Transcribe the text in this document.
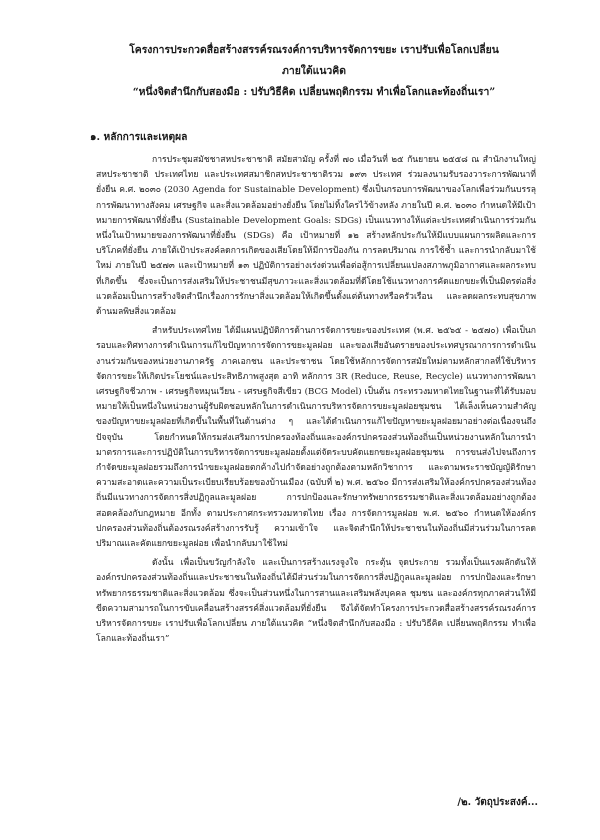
โครงการประกวดสื่อสร้างสรรค์รณรงค์การบริหารจัดการขยะ เราปรับเพื่อโลกเปลี่ยน
ภายใต้แนวคิด
“หนึ่งจิตสำนึกกับสองมือ : ปรับวิธีคิด เปลี่ยนพฤติกรรม ทำเพื่อโลกและท้องถิ่นเรา”
๑. หลักการและเหตุผล

การประชุมสมัชชาสหประชาชาติ สมัยสามัญ ครั้งที่ ๗๐ เมื่อวันที่ ๒๕ กันยายน ๒๕๕๘ ณ สำนักงานใหญ่สหประชาชาติ ประเทศไทย และประเทศสมาชิกสหประชาชาติรวม ๑๙๓ ประเทศ ร่วมลงนามรับรองวาระการพัฒนาที่ยั่งยืน ค.ศ. ๒๐๓๐ (2030 Agenda for Sustainable Development) ซึ่งเป็นกรอบการพัฒนาของโลกเพื่อร่วมกันบรรลุการพัฒนาทางสังคม เศรษฐกิจ และสิ่งแวดล้อมอย่างยั่งยืน โดยไม่ทิ้งใครไว้ข้างหลัง ภายในปี ค.ศ. ๒๐๓๐ กำหนดให้มีเป้าหมายการพัฒนาที่ยั่งยืน (Sustainable Development Goals: SDGs) เป็นแนวทางให้แต่ละประเทศดำเนินการร่วมกัน หนึ่งในเป้าหมายของการพัฒนาที่ยั่งยืน (SDGs) คือ เป้าหมายที่ ๑๒ สร้างหลักประกันให้มีแบบแผนการผลิตและการบริโภคที่ยั่งยืน ภายใต้เป้าประสงค์ลดการเกิดของเสียโดยให้มีการป้องกัน การลดปริมาณ การใช้ซ้ำ และการนำกลับมาใช้ใหม่ ภายในปี ๒๕๗๓ และเป้าหมายที่ ๑๓ ปฏิบัติการอย่างเร่งด่วนเพื่อต่อสู้การเปลี่ยนแปลงสภาพภูมิอากาศและผลกระทบที่เกิดขึ้น ซึ่งจะเป็นการส่งเสริมให้ประชาชนมีสุขภาวะและสิ่งแวดล้อมที่ดีโดยใช้แนวทางการคัดแยกขยะที่เป็นมิตรต่อสิ่งแวดล้อมเป็นการสร้างจิตสำนึกเรื่องการรักษาสิ่งแวดล้อมให้เกิดขึ้นตั้งแต่ต้นทางหรือครัวเรือน และลดผลกระทบสุขภาพด้านมลพิษสิ่งแวดล้อม

สำหรับประเทศไทย ได้มีแผนปฏิบัติการด้านการจัดการขยะของประเทศ (พ.ศ. ๒๕๖๕ - ๒๕๗๐) เพื่อเป็นกรอบและทิศทางการดำเนินการแก้ไขปัญหาการจัดการขยะมูลฝอย และของเสียอันตรายของประเทศบูรณาการการดำเนินงานร่วมกันของหน่วยงานภาครัฐ ภาคเอกชน และประชาชน โดยใช้หลักการจัดการสมัยใหม่ตามหลักสากลที่ใช้บริหารจัดการขยะให้เกิดประโยชน์และประสิทธิภาพสูงสุด อาทิ หลักการ 3R (Reduce, Reuse, Recycle) แนวทางการพัฒนาเศรษฐกิจชีวภาพ - เศรษฐกิจหมุนเวียน - เศรษฐกิจสีเขียว (BCG Model) เป็นต้น กระทรวงมหาดไทยในฐานะที่ได้รับมอบหมายให้เป็นหนึ่งในหน่วยงานผู้รับผิดชอบหลักในการดำเนินการบริหารจัดการขยะมูลฝอยชุมชน ได้เล็งเห็นความสำคัญของปัญหาขยะมูลฝอยที่เกิดขึ้นในพื้นที่ในด้านต่าง ๆ และได้ดำเนินการแก้ไขปัญหาขยะมูลฝอยมาอย่างต่อเนื่องจนถึงปัจจุบัน โดยกำหนดให้กรมส่งเสริมการปกครองท้องถิ่นและองค์กรปกครองส่วนท้องถิ่นเป็นหน่วยงานหลักในการนำมาตรการและการปฏิบัติในการบริหารจัดการขยะมูลฝอยตั้งแต่จัดระบบคัดแยกขยะมูลฝอยชุมชน การขนส่งไปจนถึงการกำจัดขยะมูลฝอยรวมถึงการนำขยะมูลฝอยตกค้างไปกำจัดอย่างถูกต้องตามหลักวิชาการ และตามพระราชบัญญัติรักษาความสะอาดและความเป็นระเบียบเรียบร้อยของบ้านเมือง (ฉบับที่ ๒) พ.ศ. ๒๕๖๐ มีการส่งเสริมให้องค์กรปกครองส่วนท้องถิ่นมีแนวทางการจัดการสิ่งปฏิกูลและมูลฝอย การปกป้องและรักษาทรัพยากรธรรมชาติและสิ่งแวดล้อมอย่างถูกต้องสอดคล้องกับกฎหมาย อีกทั้ง ตามประกาศกระทรวงมหาดไทย เรื่อง การจัดการมูลฝอย พ.ศ. ๒๕๖๐ กำหนดให้องค์กรปกครองส่วนท้องถิ่นต้องรณรงค์สร้างการรับรู้ ความเข้าใจ และจิตสำนึกให้ประชาชนในท้องถิ่นมีส่วนร่วมในการลดปริมาณและคัดแยกขยะมูลฝอย เพื่อนำกลับมาใช้ใหม่

ดังนั้น เพื่อเป็นขวัญกำลังใจ และเป็นการสร้างแรงจูงใจ กระตุ้น จุดประกาย รวมทั้งเป็นแรงผลักดันให้องค์กรปกครองส่วนท้องถิ่นและประชาชนในท้องถิ่นได้มีส่วนร่วมในการจัดการสิ่งปฏิกูลและมูลฝอย การปกป้องและรักษาทรัพยากรธรรมชาติและสิ่งแวดล้อม ซึ่งจะเป็นส่วนหนึ่งในการสานและเสริมพลังบุคคล ชุมชน และองค์กรทุกภาคส่วนให้มีขีดความสามารถในการขับเคลื่อนสร้างสรรค์สิ่งแวดล้อมที่ยั่งยืน จึงได้จัดทำโครงการประกวดสื่อสร้างสรรค์รณรงค์การบริหารจัดการขยะ เราปรับเพื่อโลกเปลี่ยน ภายใต้แนวคิด “หนึ่งจิตสำนึกกับสองมือ : ปรับวิธีคิด เปลี่ยนพฤติกรรม ทำเพื่อโลกและท้องถิ่นเรา”

/๒. วัตถุประสงค์...
